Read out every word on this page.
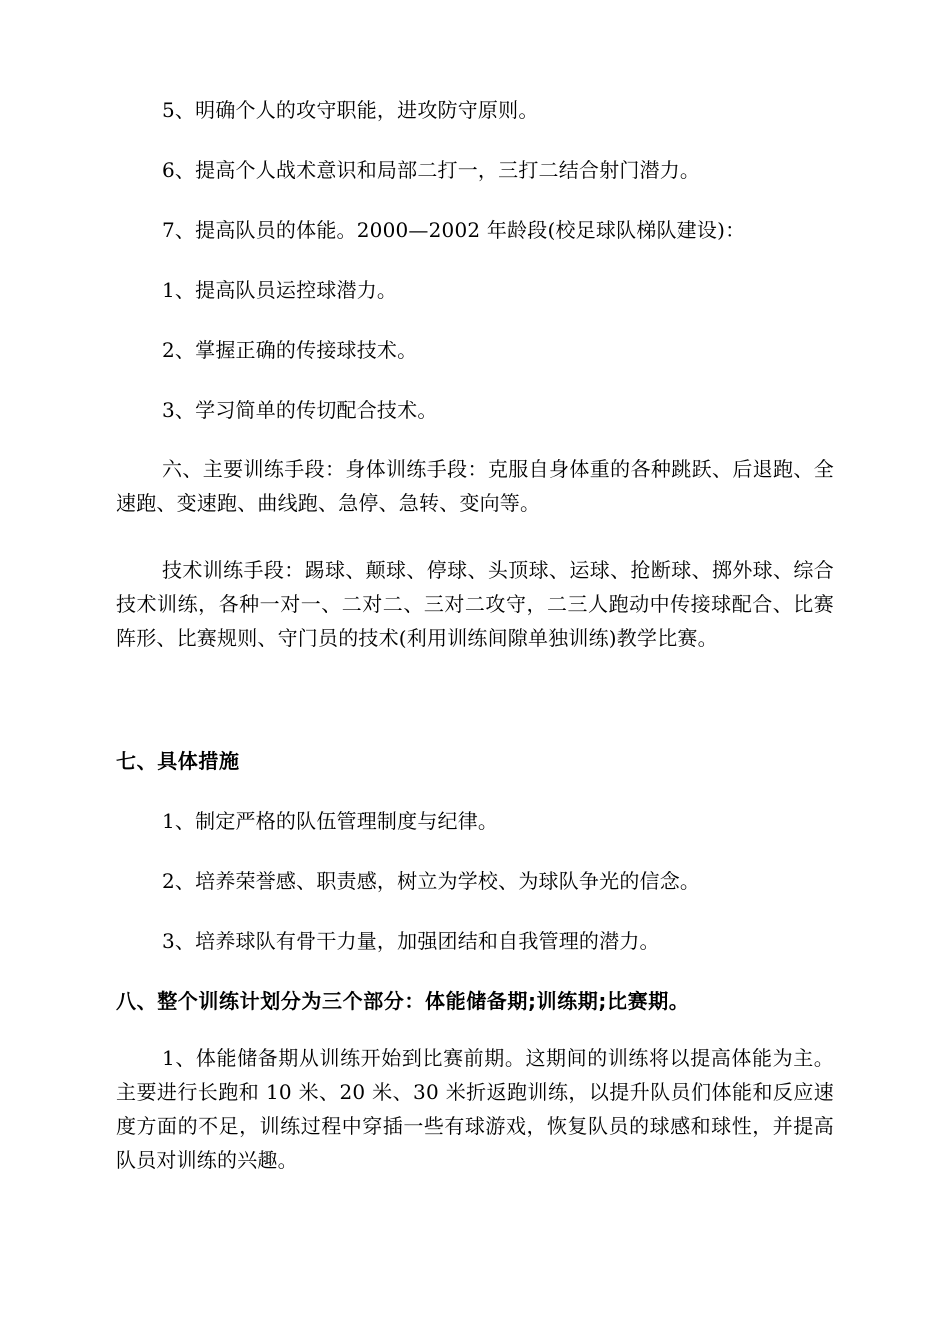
5、明确个人的攻守职能，进攻防守原则。
6、提高个人战术意识和局部二打一，三打二结合射门潜力。
7、提高队员的体能。2000—2002 年龄段(校足球队梯队建设)：
1、提高队员运控球潜力。
2、掌握正确的传接球技术。
3、学习简单的传切配合技术。
六、主要训练手段：身体训练手段：克服自身体重的各种跳跃、后退跑、全速跑、变速跑、曲线跑、急停、急转、变向等。
技术训练手段：踢球、颠球、停球、头顶球、运球、抢断球、掷外球、综合技术训练，各种一对一、二对二、三对二攻守，二三人跑动中传接球配合、比赛阵形、比赛规则、守门员的技术(利用训练间隙单独训练)教学比赛。
七、具体措施
1、制定严格的队伍管理制度与纪律。
2、培养荣誉感、职责感，树立为学校、为球队争光的信念。
3、培养球队有骨干力量，加强团结和自我管理的潜力。
八、整个训练计划分为三个部分：体能储备期;训练期;比赛期。
1、体能储备期从训练开始到比赛前期。这期间的训练将以提高体能为主。主要进行长跑和 10 米、20 米、30 米折返跑训练，以提升队员们体能和反应速度方面的不足，训练过程中穿插一些有球游戏，恢复队员的球感和球性，并提高队员对训练的兴趣。
